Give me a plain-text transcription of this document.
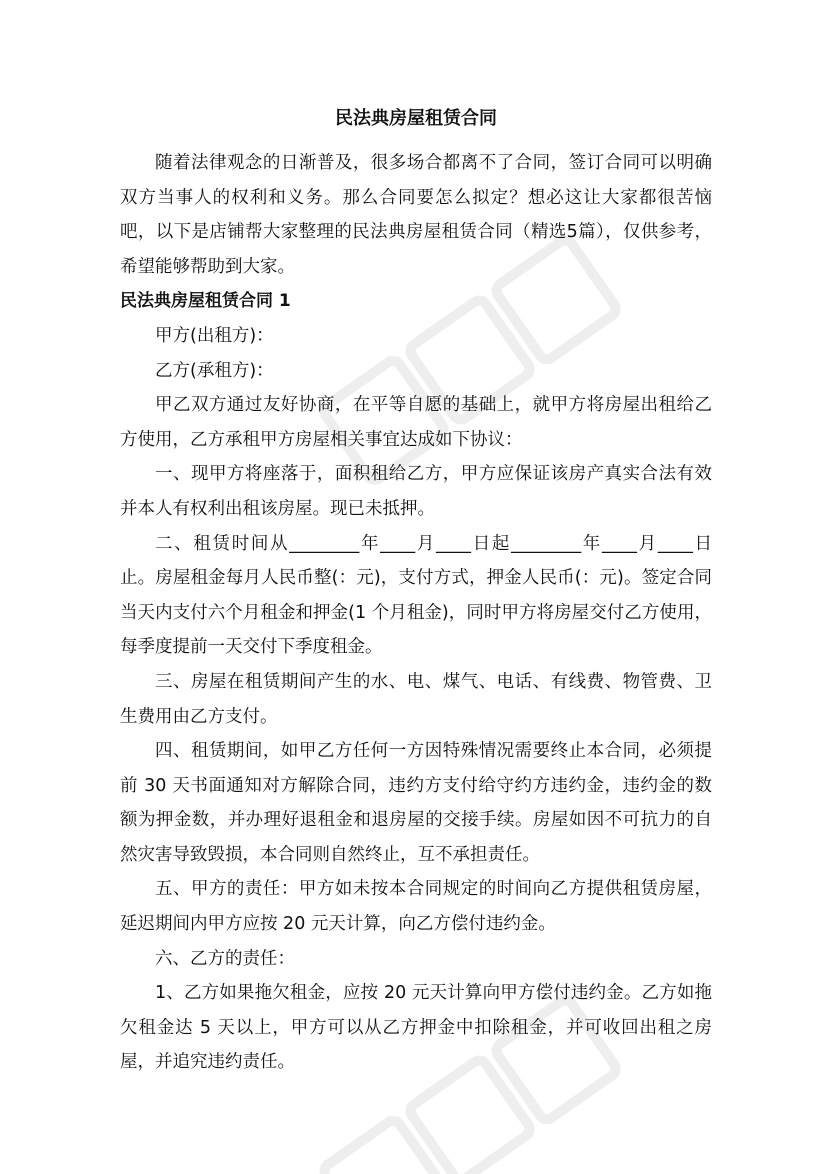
民法典房屋租赁合同

随着法律观念的日渐普及，很多场合都离不了合同，签订合同可以明确双方当事人的权利和义务。那么合同要怎么拟定？想必这让大家都很苦恼吧，以下是店铺帮大家整理的民法典房屋租赁合同（精选5篇），仅供参考，希望能够帮助到大家。

民法典房屋租赁合同 1

甲方(出租方)：

乙方(承租方)：

甲乙双方通过友好协商，在平等自愿的基础上，就甲方将房屋出租给乙方使用，乙方承租甲方房屋相关事宜达成如下协议：

一、现甲方将座落于，面积租给乙方，甲方应保证该房产真实合法有效并本人有权利出租该房屋。现已未抵押。

二、租赁时间从________年____月____日起________年____月____日止。房屋租金每月人民币整(：元)，支付方式，押金人民币(：元)。签定合同当天内支付六个月租金和押金(1 个月租金)，同时甲方将房屋交付乙方使用，每季度提前一天交付下季度租金。

三、房屋在租赁期间产生的水、电、煤气、电话、有线费、物管费、卫生费用由乙方支付。

四、租赁期间，如甲乙方任何一方因特殊情况需要终止本合同，必须提前 30 天书面通知对方解除合同，违约方支付给守约方违约金，违约金的数额为押金数，并办理好退租金和退房屋的交接手续。房屋如因不可抗力的自然灾害导致毁损，本合同则自然终止，互不承担责任。

五、甲方的责任：甲方如未按本合同规定的时间向乙方提供租赁房屋，延迟期间内甲方应按 20 元天计算，向乙方偿付违约金。

六、乙方的责任：

1、乙方如果拖欠租金，应按 20 元天计算向甲方偿付违约金。乙方如拖欠租金达 5 天以上，甲方可以从乙方押金中扣除租金，并可收回出租之房屋，并追究违约责任。
